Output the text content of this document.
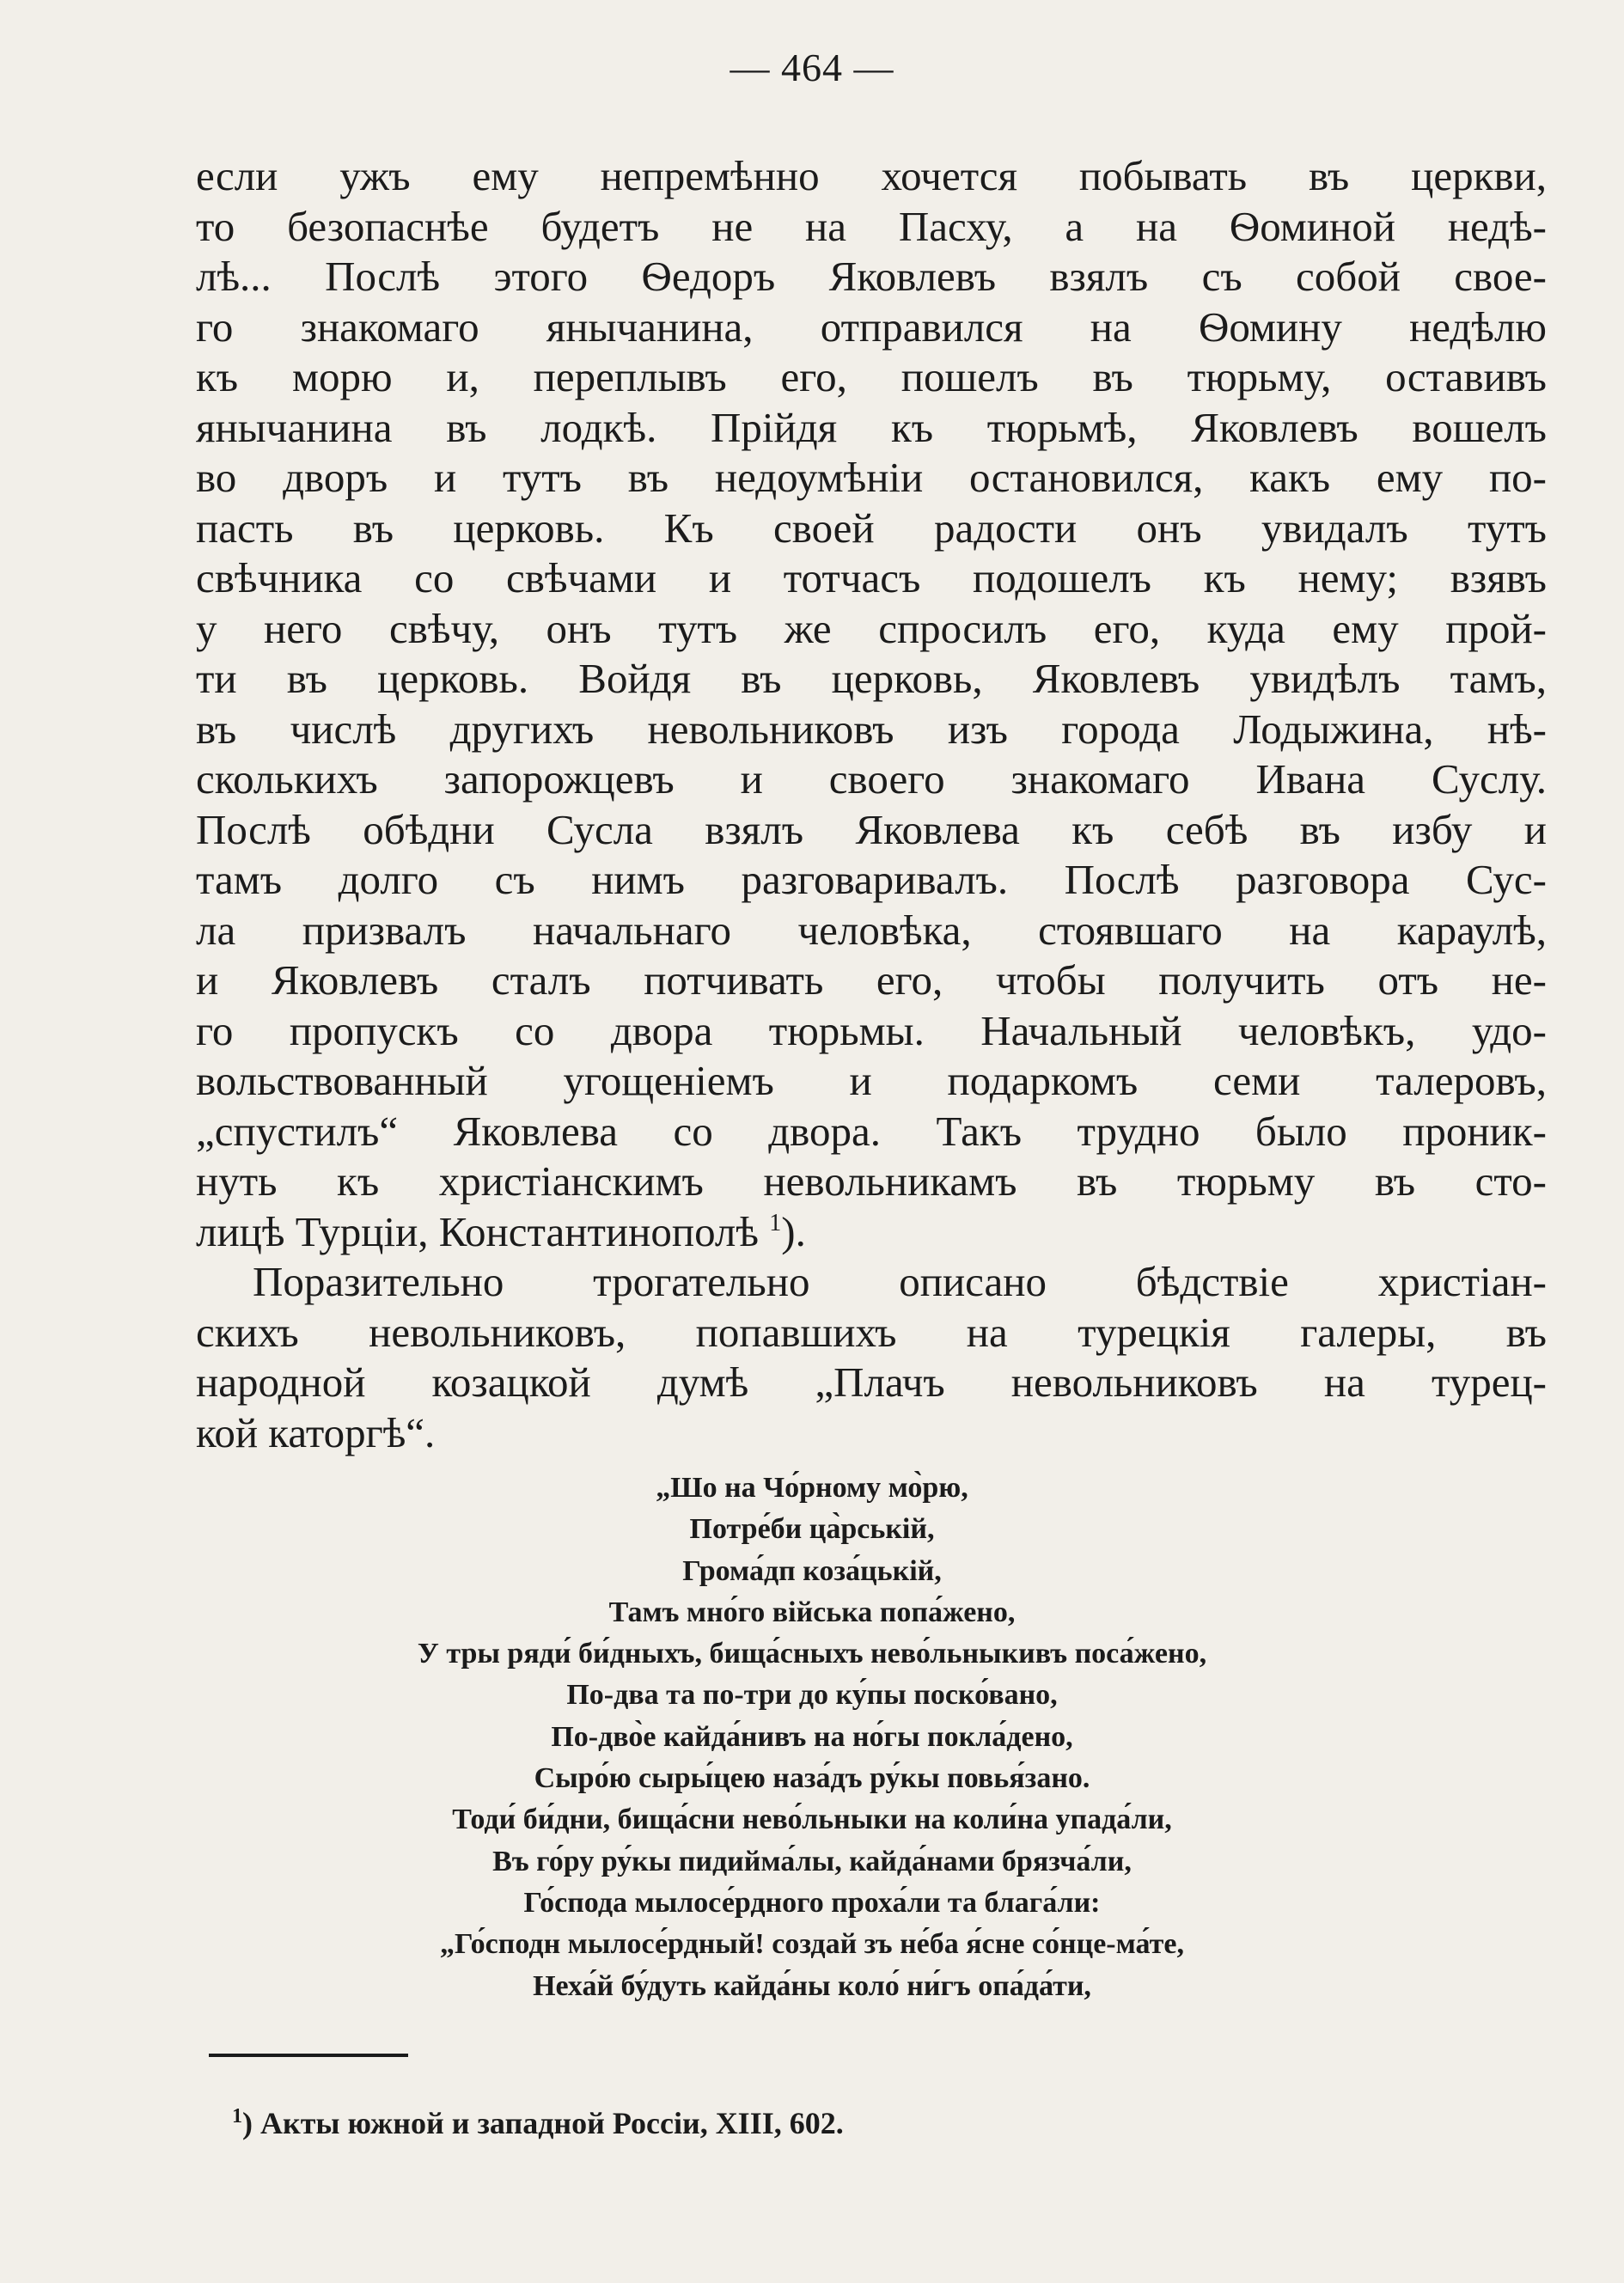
— 464 —
если ужъ ему непремѣнно хочется побывать въ церкви,
то безопаснѣе будетъ не на Пасху, а на Ѳоминой недѣ-
лѣ... Послѣ этого Ѳедоръ Яковлевъ взялъ съ собой свое-
го знакомаго янычанина, отправился на Ѳомину недѣлю
къ морю и, переплывъ его, пошелъ въ тюрьму, оставивъ
янычанина въ лодкѣ. Прійдя къ тюрьмѣ, Яковлевъ вошелъ
во дворъ и тутъ въ недоумѣніи остановился, какъ ему по-
пасть въ церковь. Къ своей радости онъ увидалъ тутъ
свѣчника со свѣчами и тотчасъ подошелъ къ нему; взявъ
у него свѣчу, онъ тутъ же спросилъ его, куда ему прой-
ти въ церковь. Войдя въ церковь, Яковлевъ увидѣлъ тамъ,
въ числѣ другихъ невольниковъ изъ города Лодыжина, нѣ-
сколькихъ запорожцевъ и своего знакомаго Ивана Суслу.
Послѣ обѣдни Сусла взялъ Яковлева къ себѣ въ избу и
тамъ долго съ нимъ разговаривалъ. Послѣ разговора Сус-
ла призвалъ начальнаго человѣка, стоявшаго на караулѣ,
и Яковлевъ сталъ потчивать его, чтобы получить отъ не-
го пропускъ со двора тюрьмы. Начальный человѣкъ, удо-
вольствованный угощеніемъ и подаркомъ семи талеровъ,
„спустилъ“ Яковлева со двора. Такъ трудно было проник-
нуть къ христіанскимъ невольникамъ въ тюрьму въ сто-
лицѣ Турціи, Константинополѣ $^1$).
Поразительно трогательно описано бѣдствіе христіан-
скихъ невольниковъ, попавшихъ на турецкія галеры, въ
народной козацкой думѣ „Плачъ невольниковъ на турец-
кой каторгѣ“.
„Шо на Чо́рному мо̀рю,
Потре́би ца̀рській,
Грома́дп коза́цькій,
Тамъ мно́го війська попа́жено,
У тры ряди́ би́дныхъ, бища́сныхъ нево́льныкивъ поса́жено,
По-два та по-три до ку́пы поско́вано,
По-дво̀е кайда́нивъ на но́гы покла́дено,
Сыро́ю сыры́цею наза́дъ ру́кы повья́зано.
Тоди́ би́дни, бища́сни нево́льныки на коли́на упада́ли,
Въ го́ру ру́кы пидийма́лы, кайда́нами брязча́ли,
Го́спода мылосе́рдного проха́ли та блага́ли:
„Го́сподн мылосе́рдный! создай зъ не́ба я́сне со́нце-ма́те,
Неха́й бу́дуть кайда́ны коло́ ни́гъ опа́да́ти,
$^1$) Акты южной и западной Россіи, XIII, 602.
